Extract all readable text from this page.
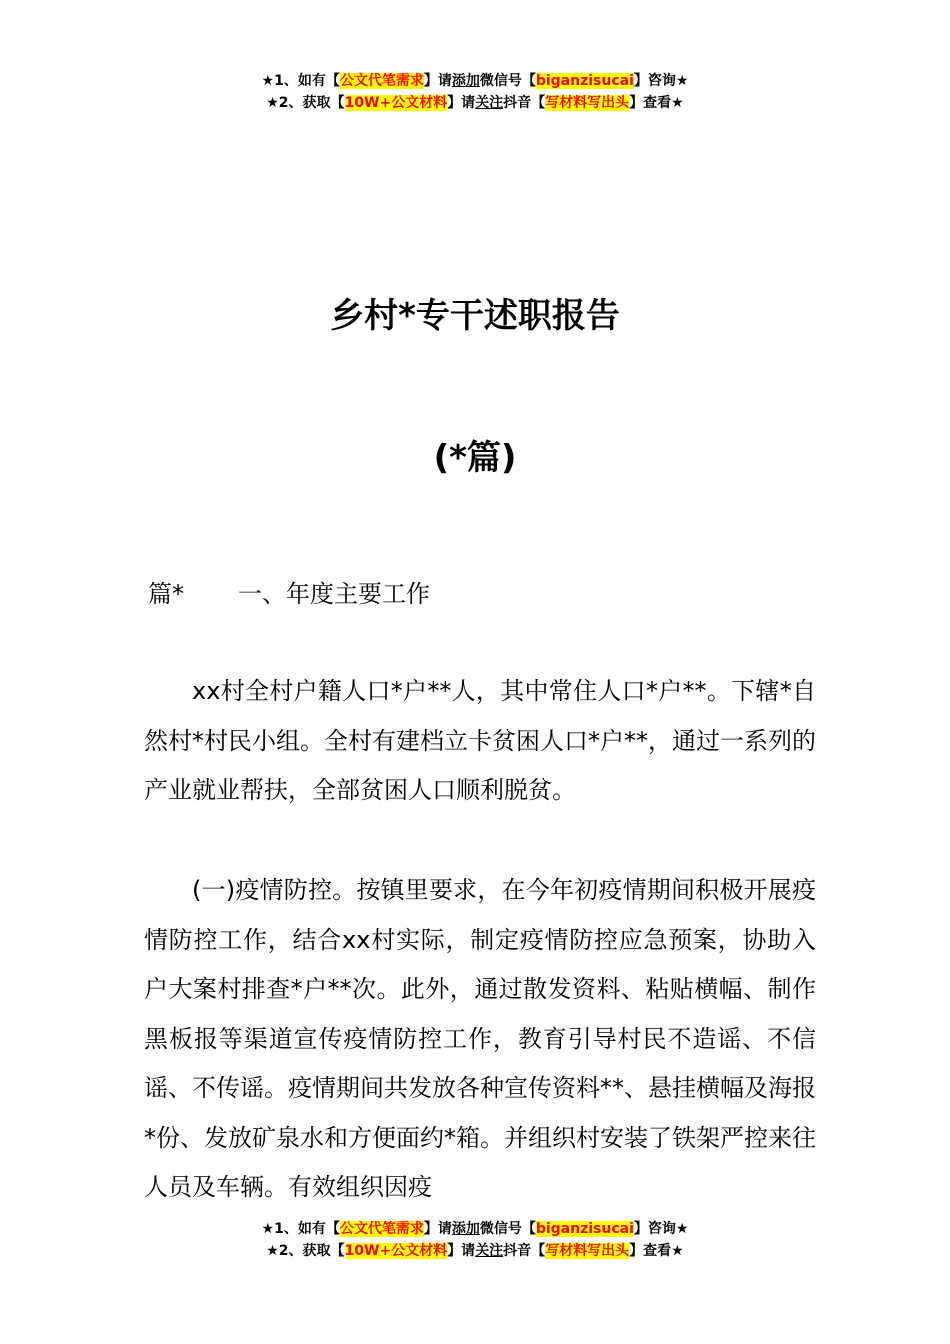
★1、如有【公文代笔需求】请添加微信号【biganzisucai】咨询★
★2、获取【10W+公文材料】请关注抖音【写材料写出头】查看★
乡村*专干述职报告
(*篇)
篇* 一、年度主要工作

xx村全村户籍人口*户**人，其中常住人口*户**。下辖*自然村*村民小组。全村有建档立卡贫困人口*户**，通过一系列的产业就业帮扶，全部贫困人口顺利脱贫。

(一)疫情防控。按镇里要求，在今年初疫情期间积极开展疫情防控工作，结合xx村实际，制定疫情防控应急预案，协助入户大案村排查*户**次。此外，通过散发资料、粘贴横幅、制作黑板报等渠道宣传疫情防控工作，教育引导村民不造谣、不信谣、不传谣。疫情期间共发放各种宣传资料**、悬挂横幅及海报*份、发放矿泉水和方便面约*箱。并组织村安装了铁架严控来往人员及车辆。有效组织因疫

★1、如有【公文代笔需求】请添加微信号【biganzisucai】咨询★
★2、获取【10W+公文材料】请关注抖音【写材料写出头】查看★
